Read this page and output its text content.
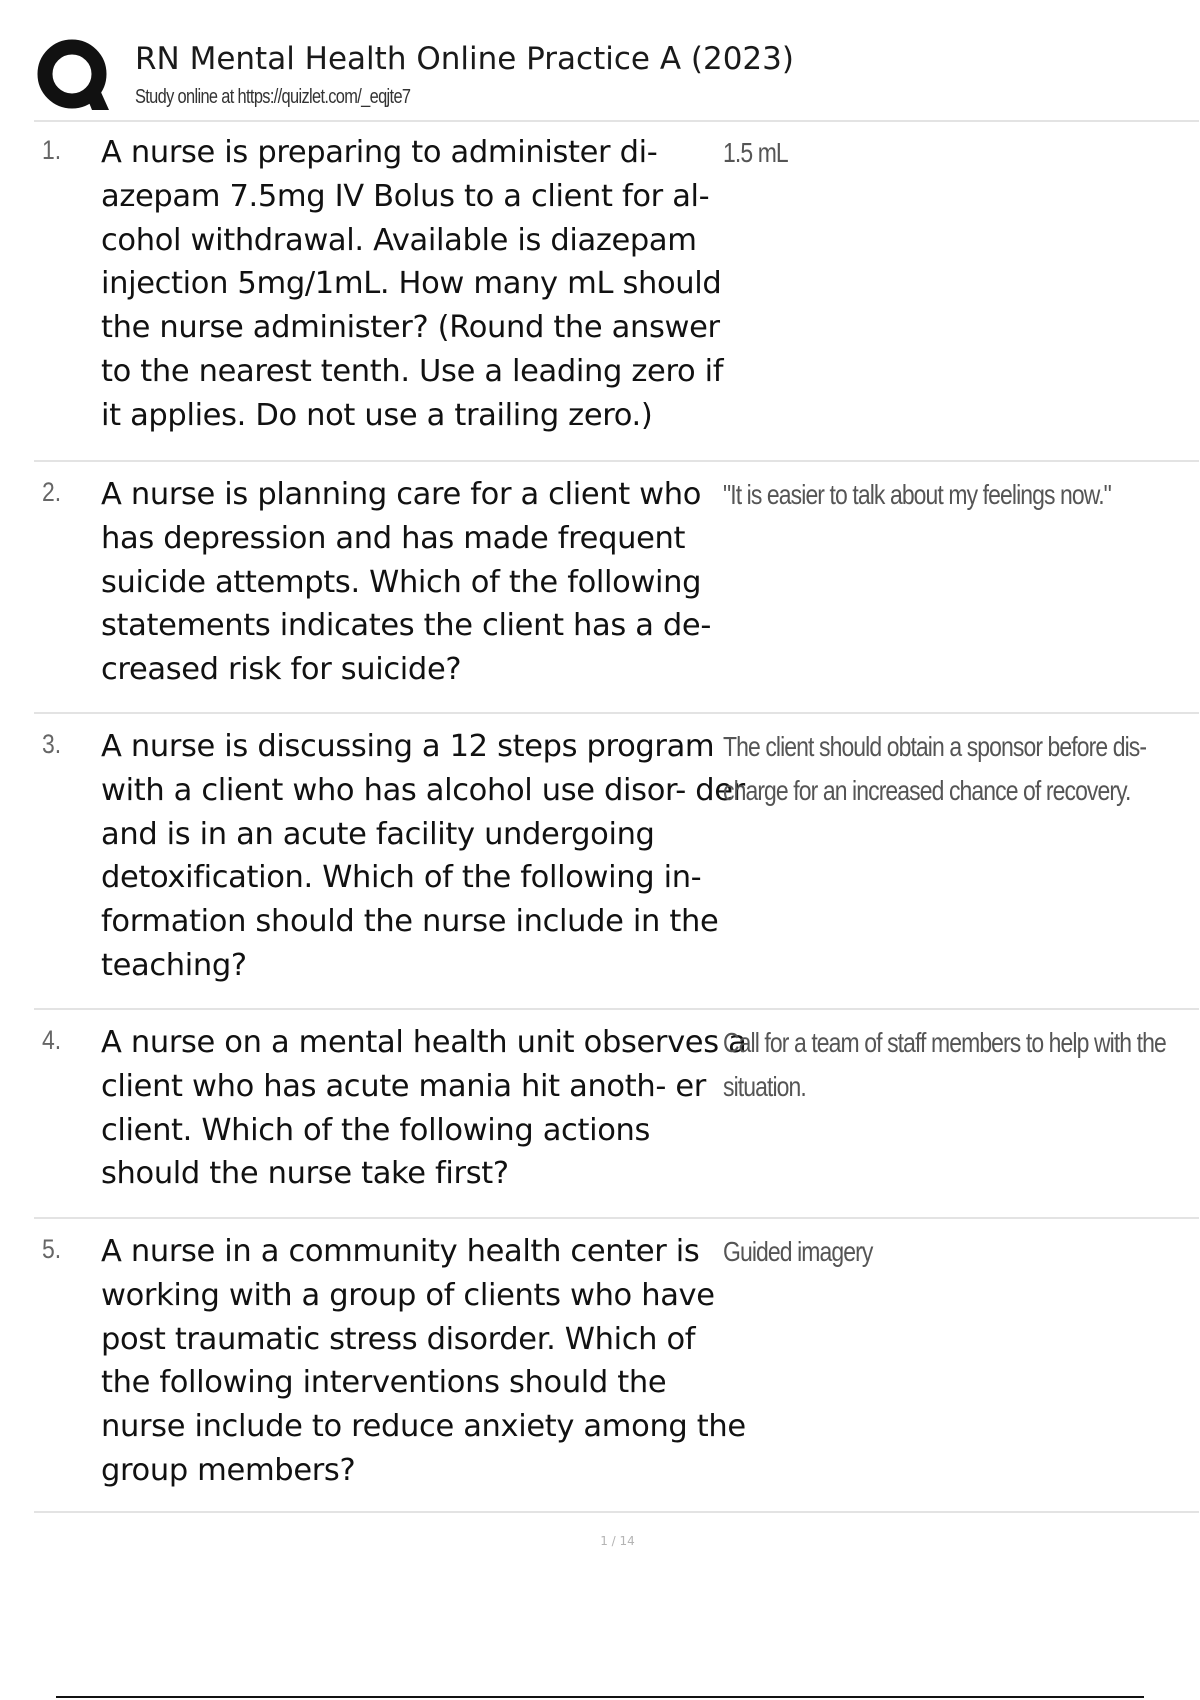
RN Mental Health Online Practice A (2023)
Study online at https://quizlet.com/_eqjte7
1. A nurse is preparing to administer di- azepam 7.5mg IV Bolus to a client for al- cohol withdrawal. Available is diazepam injection 5mg/1mL. How many mL should the nurse administer? (Round the answer to the nearest tenth. Use a leading zero if it applies. Do not use a trailing zero.)

1.5 mL

2. A nurse is planning care for a client who has depression and has made frequent suicide attempts. Which of the following statements indicates the client has a de- creased risk for suicide?

"It is easier to talk about my feelings now."

3. A nurse is discussing a 12 steps program with a client who has alcohol use disor- der and is in an acute facility undergoing detoxification. Which of the following in- formation should the nurse include in the teaching?

The client should obtain a sponsor before dis- charge for an increased chance of recovery.

4. A nurse on a mental health unit observes a client who has acute mania hit anoth- er client. Which of the following actions should the nurse take first?

Call for a team of staff members to help with the situation.

5. A nurse in a community health center is working with a group of clients who have post traumatic stress disorder. Which of the following interventions should the nurse include to reduce anxiety among the group members?

Guided imagery

1 / 14
